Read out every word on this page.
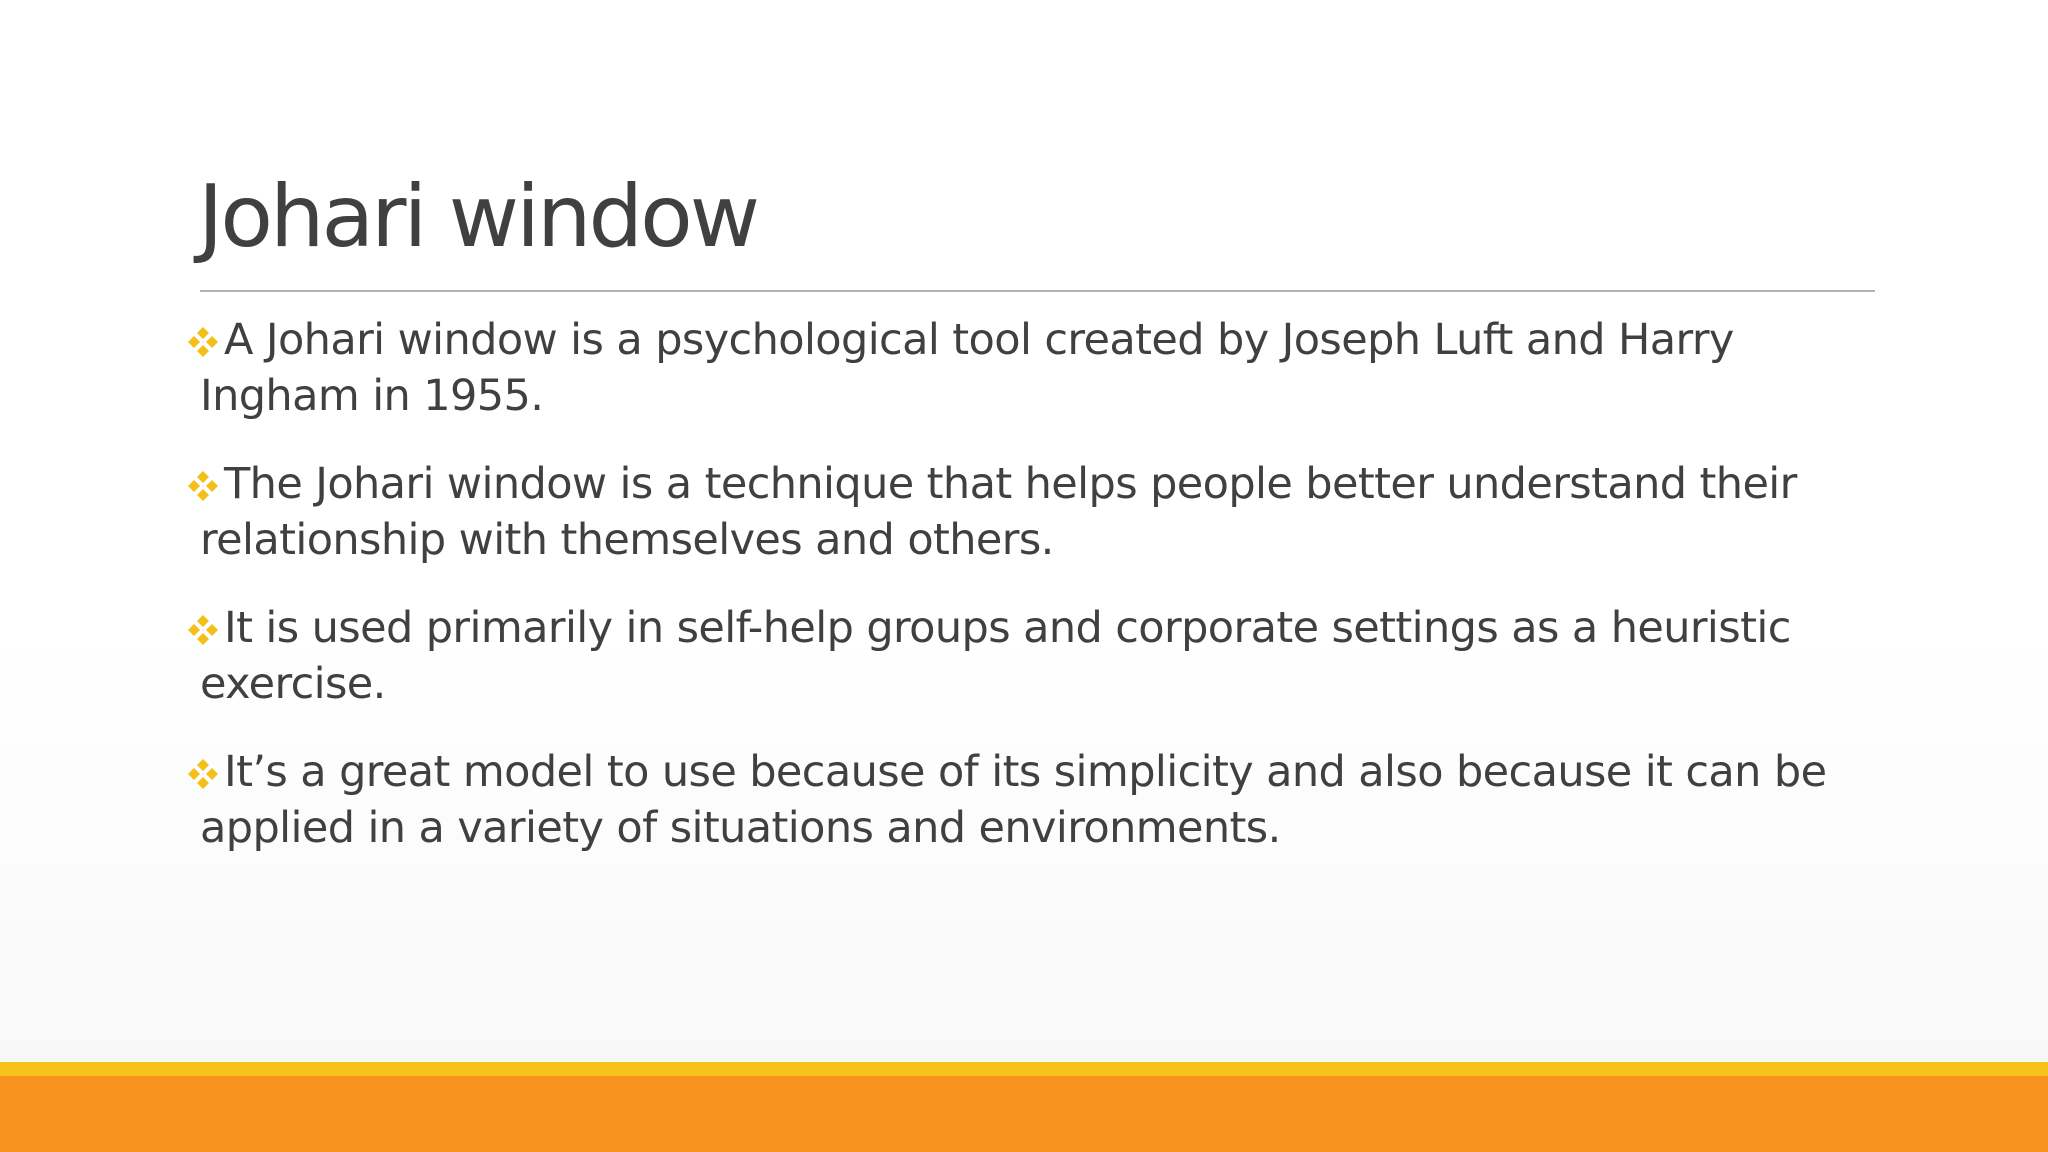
Johari window
A Johari window is a psychological tool created by Joseph Luft and Harry Ingham in 1955.
The Johari window is a technique that helps people better understand their relationship with themselves and others.
It is used primarily in self-help groups and corporate settings as a heuristic exercise.
It’s a great model to use because of its simplicity and also because it can be applied in a variety of situations and environments.
